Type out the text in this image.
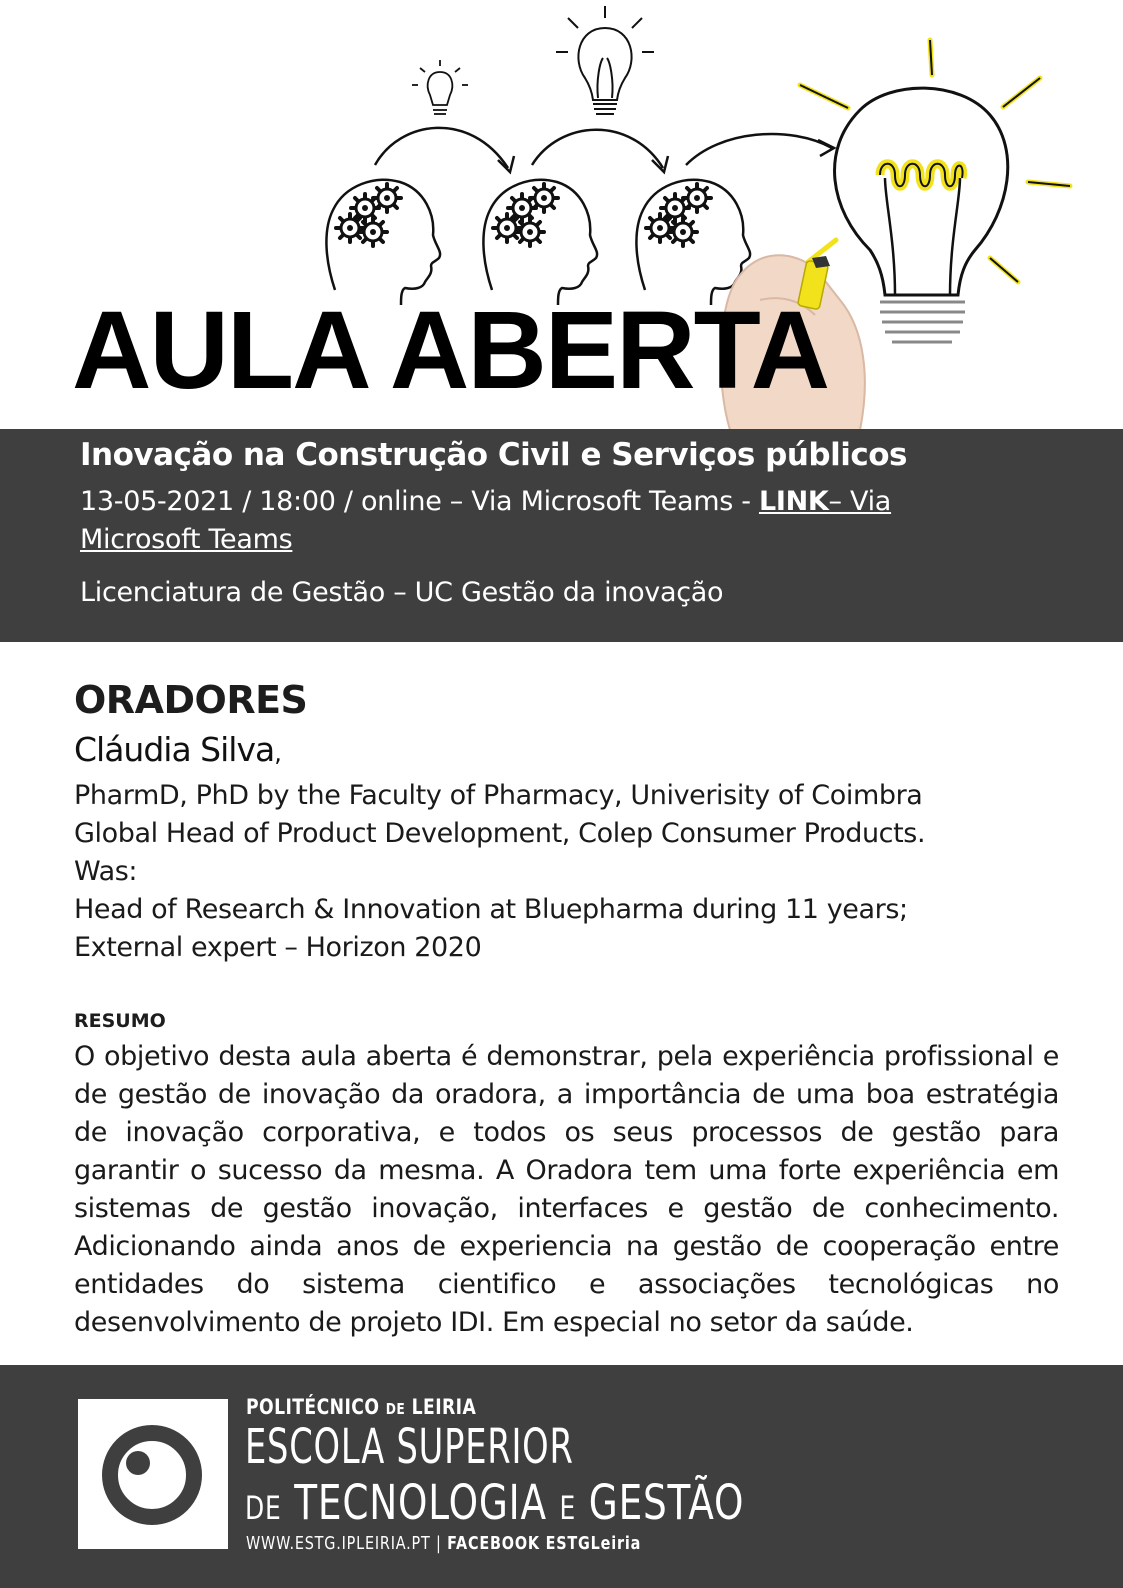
AULA ABERTA
Inovação na Construção Civil e Serviços públicos
13-05-2021 / 18:00 / online – Via Microsoft Teams - LINK– Via Microsoft Teams
Licenciatura de Gestão – UC Gestão da inovação
ORADORES
Cláudia Silva,
PharmD, PhD by the Faculty of Pharmacy, Univerisity of Coimbra
Global Head of Product Development, Colep Consumer Products.
Was:
Head of Research & Innovation at Bluepharma during 11 years;
External expert – Horizon 2020
RESUMO
O objetivo desta aula aberta é demonstrar, pela experiência profissional e de gestão de inovação da oradora, a importância de uma boa estratégia de inovação corporativa, e todos os seus processos de gestão para garantir o sucesso da mesma. A Oradora tem uma forte experiência em sistemas de gestão inovação, interfaces e gestão de conhecimento. Adicionando ainda anos de experiencia na gestão de cooperação entre entidades do sistema cientifico e associações tecnológicas no desenvolvimento de projeto IDI. Em especial no setor da saúde.
POLITÉCNICO DE LEIRIA
ESCOLA SUPERIOR
DE TECNOLOGIA E GESTÃO
WWW.ESTG.IPLEIRIA.PT | FACEBOOK ESTGLeiria
